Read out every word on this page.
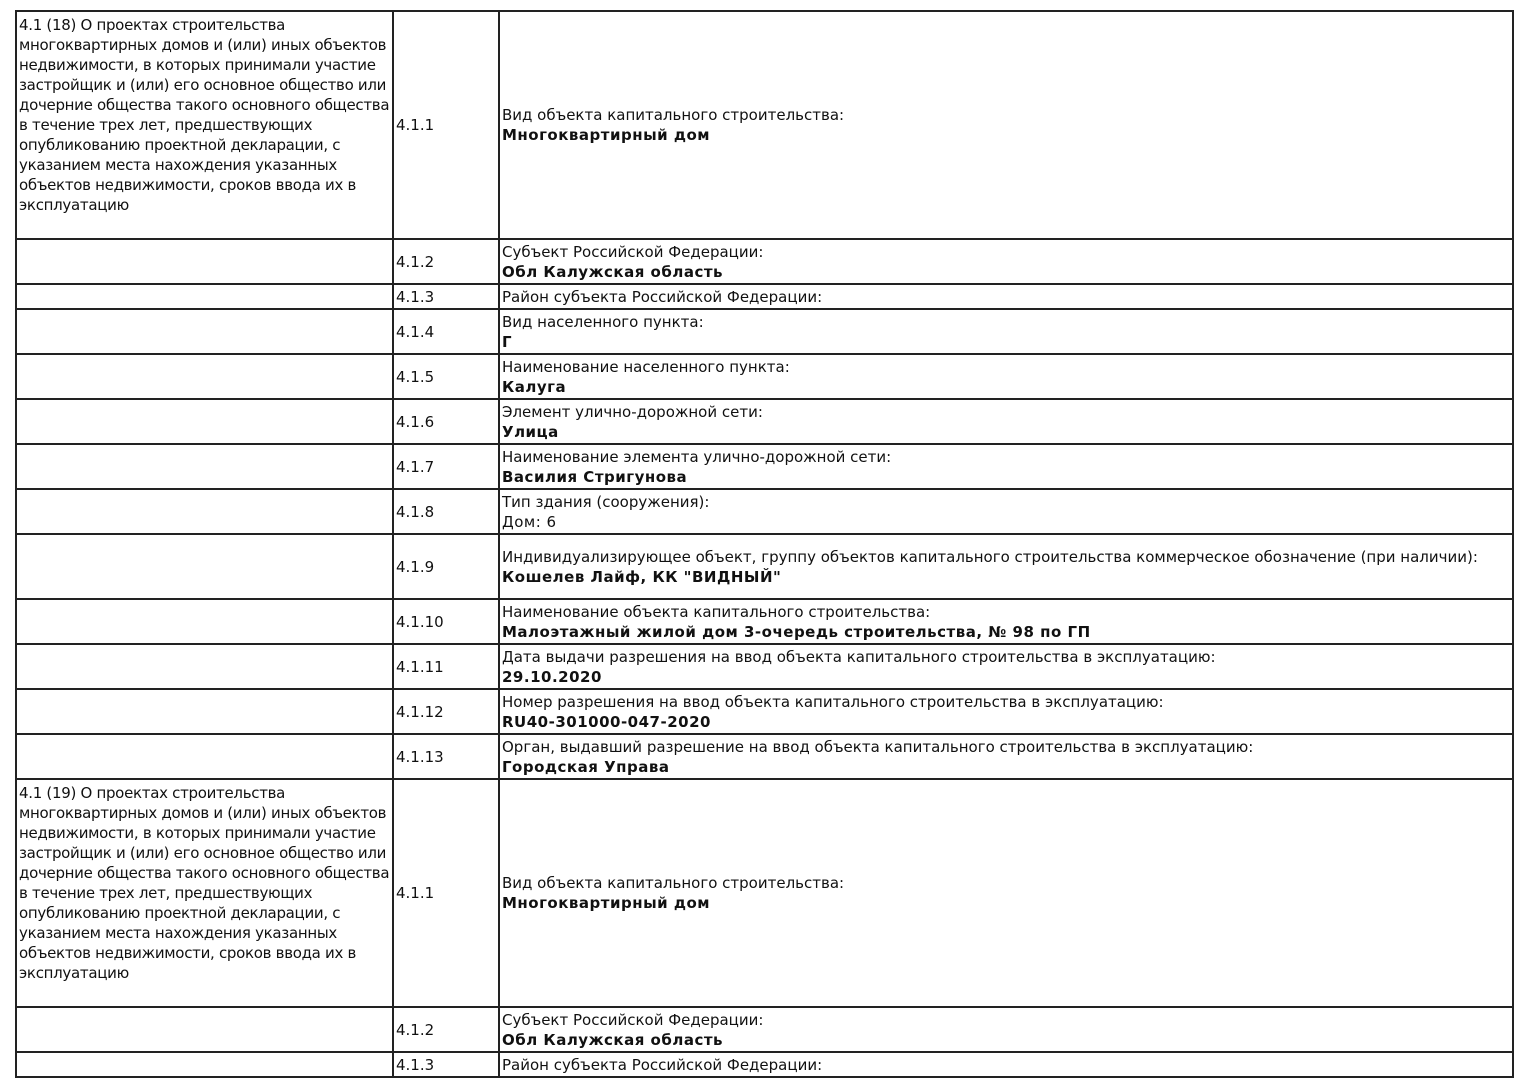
4.1 (18) О проектах строительства многоквартирных домов и (или) иных объектов недвижимости, в которых принимали участие застройщик и (или) его основное общество или дочерние общества такого основного общества в течение трех лет, предшествующих опубликованию проектной декларации, с указанием места нахождения указанных объектов недвижимости, сроков ввода их в эксплуатацию	4.1.1	Вид объекта капитального строительства:
Многоквартирный дом

	4.1.2	Субъект Российской Федерации:
Обл Калужская область

	4.1.3	Район субъекта Российской Федерации:

	4.1.4	Вид населенного пункта:
Г

	4.1.5	Наименование населенного пункта:
Калуга

	4.1.6	Элемент улично-дорожной сети:
Улица

	4.1.7	Наименование элемента улично-дорожной сети:
Василия Стригунова

	4.1.8	Тип здания (сооружения):
Дом: 6

	4.1.9	Индивидуализирующее объект, группу объектов капитального строительства коммерческое обозначение (при наличии):
Кошелев Лайф, КК "ВИДНЫЙ"

	4.1.10	Наименование объекта капитального строительства:
Малоэтажный жилой дом 3-очередь строительства, № 98 по ГП

	4.1.11	Дата выдачи разрешения на ввод объекта капитального строительства в эксплуатацию:
29.10.2020

	4.1.12	Номер разрешения на ввод объекта капитального строительства в эксплуатацию:
RU40-301000-047-2020

	4.1.13	Орган, выдавший разрешение на ввод объекта капитального строительства в эксплуатацию:
Городская Управа

4.1 (19) О проектах строительства многоквартирных домов и (или) иных объектов недвижимости, в которых принимали участие застройщик и (или) его основное общество или дочерние общества такого основного общества в течение трех лет, предшествующих опубликованию проектной декларации, с указанием места нахождения указанных объектов недвижимости, сроков ввода их в эксплуатацию	4.1.1	Вид объекта капитального строительства:
Многоквартирный дом

	4.1.2	Субъект Российской Федерации:
Обл Калужская область

	4.1.3	Район субъекта Российской Федерации:
